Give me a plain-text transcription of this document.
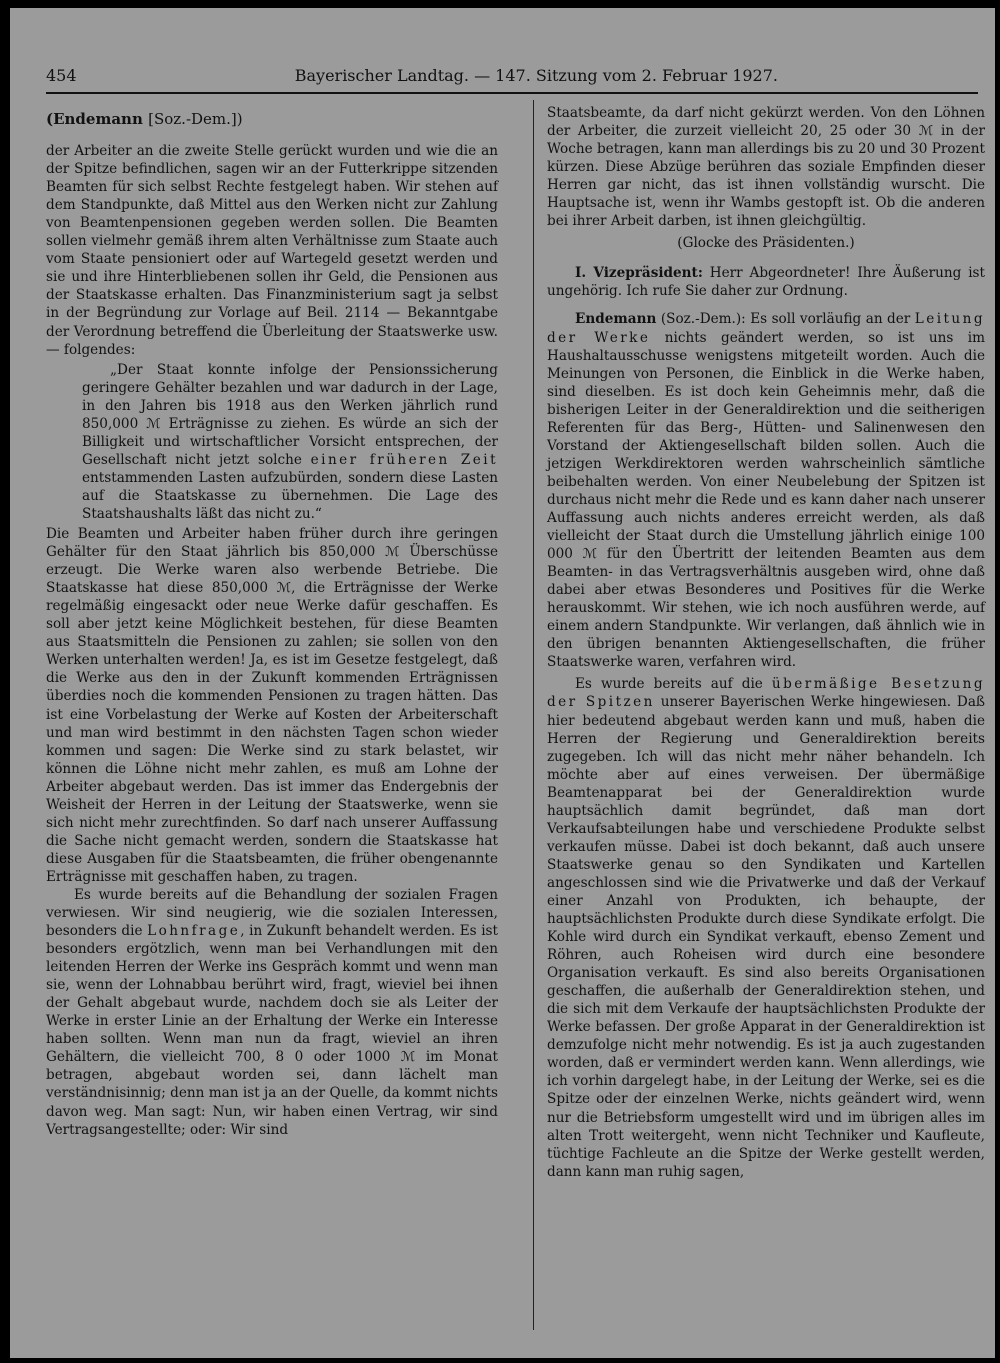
454	Bayerischer Landtag. — 147. Sitzung vom 2. Februar 1927.
(Endemann [Soz.-Dem.])

der Arbeiter an die zweite Stelle gerückt wurden und wie die an der Spitze befindlichen, sagen wir an der Futterkrippe sitzenden Beamten für sich selbst Rechte festgelegt haben. Wir stehen auf dem Standpunkte, daß Mittel aus den Werken nicht zur Zahlung von Beamtenpensionen gegeben werden sollen. Die Beamten sollen vielmehr gemäß ihrem alten Verhältnisse zum Staate auch vom Staate pensioniert oder auf Wartegeld gesetzt werden und sie und ihre Hinterbliebenen sollen ihr Geld, die Pensionen aus der Staatskasse erhalten. Das Finanzministerium sagt ja selbst in der Begründung zur Vorlage auf Beil. 2114 — Bekanntgabe der Verordnung betreffend die Überleitung der Staatswerke usw. — folgendes:

„Der Staat konnte infolge der Pensionssicherung geringere Gehälter bezahlen und war dadurch in der Lage, in den Jahren bis 1918 aus den Werken jährlich rund 850,000 ℳ Erträgnisse zu ziehen. Es würde an sich der Billigkeit und wirtschaftlicher Vorsicht entsprechen, der Gesellschaft nicht jetzt solche einer früheren Zeit entstammenden Lasten aufzubürden, sondern diese Lasten auf die Staatskasse zu übernehmen. Die Lage des Staatshaushalts läßt das nicht zu.“

Die Beamten und Arbeiter haben früher durch ihre geringen Gehälter für den Staat jährlich bis 850,000 ℳ Überschüsse erzeugt. Die Werke waren also werbende Betriebe. Die Staatskasse hat diese 850,000 ℳ, die Erträgnisse der Werke regelmäßig eingesackt oder neue Werke dafür geschaffen. Es soll aber jetzt keine Möglichkeit bestehen, für diese Beamten aus Staatsmitteln die Pensionen zu zahlen; sie sollen von den Werken unterhalten werden! Ja, es ist im Gesetze festgelegt, daß die Werke aus den in der Zukunft kommenden Erträgnissen überdies noch die kommenden Pensionen zu tragen hätten. Das ist eine Vorbelastung der Werke auf Kosten der Arbeiterschaft und man wird bestimmt in den nächsten Tagen schon wieder kommen und sagen: Die Werke sind zu stark belastet, wir können die Löhne nicht mehr zahlen, es muß am Lohne der Arbeiter abgebaut werden. Das ist immer das Endergebnis der Weisheit der Herren in der Leitung der Staatswerke, wenn sie sich nicht mehr zurechtfinden. So darf nach unserer Auffassung die Sache nicht gemacht werden, sondern die Staatskasse hat diese Ausgaben für die Staatsbeamten, die früher obengenannte Erträgnisse mit geschaffen haben, zu tragen.

Es wurde bereits auf die Behandlung der sozialen Fragen verwiesen. Wir sind neugierig, wie die sozialen Interessen, besonders die Lohnfrage, in Zukunft behandelt werden. Es ist besonders ergötzlich, wenn man bei Verhandlungen mit den leitenden Herren der Werke ins Gespräch kommt und wenn man sie, wenn der Lohnabbau berührt wird, fragt, wieviel bei ihnen der Gehalt abgebaut wurde, nachdem doch sie als Leiter der Werke in erster Linie an der Erhaltung der Werke ein Interesse haben sollten. Wenn man nun da fragt, wieviel an ihren Gehältern, die vielleicht 700, 8 0 oder 1000 ℳ im Monat betragen, abgebaut worden sei, dann lächelt man verständnisinnig; denn man ist ja an der Quelle, da kommt nichts davon weg. Man sagt: Nun, wir haben einen Vertrag, wir sind Vertragsangestellte; oder: Wir sind

Staatsbeamte, da darf nicht gekürzt werden. Von den Löhnen der Arbeiter, die zurzeit vielleicht 20, 25 oder 30 ℳ in der Woche betragen, kann man allerdings bis zu 20 und 30 Prozent kürzen. Diese Abzüge berühren das soziale Empfinden dieser Herren gar nicht, das ist ihnen vollständig wurscht. Die Hauptsache ist, wenn ihr Wambs gestopft ist. Ob die anderen bei ihrer Arbeit darben, ist ihnen gleichgültig.

(Glocke des Präsidenten.)

I. Vizepräsident: Herr Abgeordneter! Ihre Äußerung ist ungehörig. Ich rufe Sie daher zur Ordnung.

Endemann (Soz.-Dem.): Es soll vorläufig an der Leitung der Werke nichts geändert werden, so ist uns im Haushaltausschusse wenigstens mitgeteilt worden. Auch die Meinungen von Personen, die Einblick in die Werke haben, sind dieselben. Es ist doch kein Geheimnis mehr, daß die bisherigen Leiter in der Generaldirektion und die seitherigen Referenten für das Berg-, Hütten- und Salinenwesen den Vorstand der Aktiengesellschaft bilden sollen. Auch die jetzigen Werkdirektoren werden wahrscheinlich sämtliche beibehalten werden. Von einer Neubelebung der Spitzen ist durchaus nicht mehr die Rede und es kann daher nach unserer Auffassung auch nichts anderes erreicht werden, als daß vielleicht der Staat durch die Umstellung jährlich einige 100 000 ℳ für den Übertritt der leitenden Beamten aus dem Beamten- in das Vertragsverhältnis ausgeben wird, ohne daß dabei aber etwas Besonderes und Positives für die Werke herauskommt. Wir stehen, wie ich noch ausführen werde, auf einem andern Standpunkte. Wir verlangen, daß ähnlich wie in den übrigen benannten Aktiengesellschaften, die früher Staatswerke waren, verfahren wird.

Es wurde bereits auf die übermäßige Besetzung der Spitzen unserer Bayerischen Werke hingewiesen. Daß hier bedeutend abgebaut werden kann und muß, haben die Herren der Regierung und Generaldirektion bereits zugegeben. Ich will das nicht mehr näher behandeln. Ich möchte aber auf eines verweisen. Der übermäßige Beamtenapparat bei der Generaldirektion wurde hauptsächlich damit begründet, daß man dort Verkaufsabteilungen habe und verschiedene Produkte selbst verkaufen müsse. Dabei ist doch bekannt, daß auch unsere Staatswerke genau so den Syndikaten und Kartellen angeschlossen sind wie die Privatwerke und daß der Verkauf einer Anzahl von Produkten, ich behaupte, der hauptsächlichsten Produkte durch diese Syndikate erfolgt. Die Kohle wird durch ein Syndikat verkauft, ebenso Zement und Röhren, auch Roheisen wird durch eine besondere Organisation verkauft. Es sind also bereits Organisationen geschaffen, die außerhalb der Generaldirektion stehen, und die sich mit dem Verkaufe der hauptsächlichsten Produkte der Werke befassen. Der große Apparat in der Generaldirektion ist demzufolge nicht mehr notwendig. Es ist ja auch zugestanden worden, daß er vermindert werden kann. Wenn allerdings, wie ich vorhin dargelegt habe, in der Leitung der Werke, sei es die Spitze oder der einzelnen Werke, nichts geändert wird, wenn nur die Betriebsform umgestellt wird und im übrigen alles im alten Trott weitergeht, wenn nicht Techniker und Kaufleute, tüchtige Fachleute an die Spitze der Werke gestellt werden, dann kann man ruhig sagen,
